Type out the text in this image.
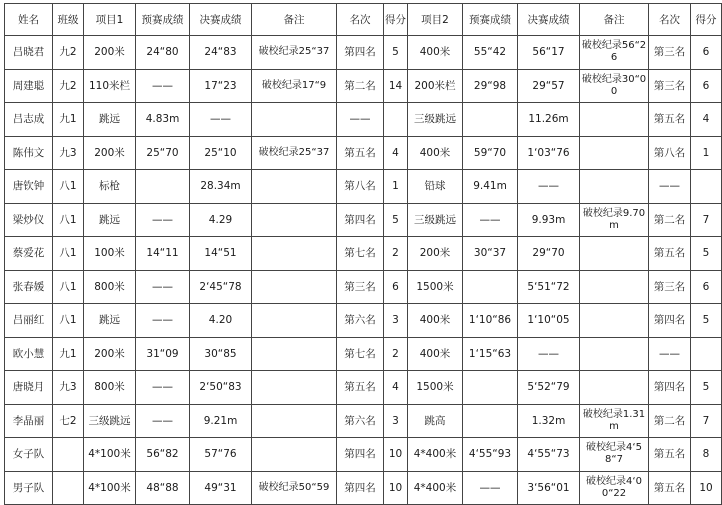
姓名	班级	项目1	预赛成绩	决赛成绩	备注	名次	得分	项目2	预赛成绩	决赛成绩	备注	名次	得分
吕晓君	九2	200米	24“80	24“83	破校纪录25“37	第四名	5	400米	55“42	56“17	破校纪录56“26	第三名	6
周建聪	九2	110米栏	——	17“23	破校纪录17“9	第二名	14	200米栏	29“98	29“57	破校纪录30“00	第三名	6
吕志成	九1	跳远	4.83m	——		——		三级跳远		11.26m		第五名	4
陈伟文	九3	200米	25“70	25“10	破校纪录25“37	第五名	4	400米	59“70	1‘03“76		第八名	1
唐钦钟	八1	标枪		28.34m		第八名	1	铅球	9.41m	——		——	
梁炒仪	八1	跳远	——	4.29		第四名	5	三级跳远	——	9.93m	破校纪录9.70m	第二名	7
蔡爱花	八1	100米	14“11	14“51		第七名	2	200米	30“37	29“70		第五名	5
张春媛	八1	800米	——	2‘45“78		第三名	6	1500米		5‘51“72		第三名	6
吕丽红	八1	跳远	——	4.20		第六名	3	400米	1‘10“86	1‘10“05		第四名	5
欧小慧	九1	200米	31“09	30“85		第七名	2	400米	1‘15“63	——		——	
唐晓月	九3	800米	——	2‘50“83		第五名	4	1500米		5‘52“79		第四名	5
李晶丽	七2	三级跳远	——	9.21m		第六名	3	跳高		1.32m	破校纪录1.31m	第二名	7
女子队		4*100米	56“82	57“76		第四名	10	4*400米	4‘55“93	4‘55“73	破校纪录4‘58“7	第五名	8
男子队		4*100米	48“88	49“31	破校纪录50“59	第四名	10	4*400米	——	3‘56“01	破校纪录4‘00“22	第五名	10
